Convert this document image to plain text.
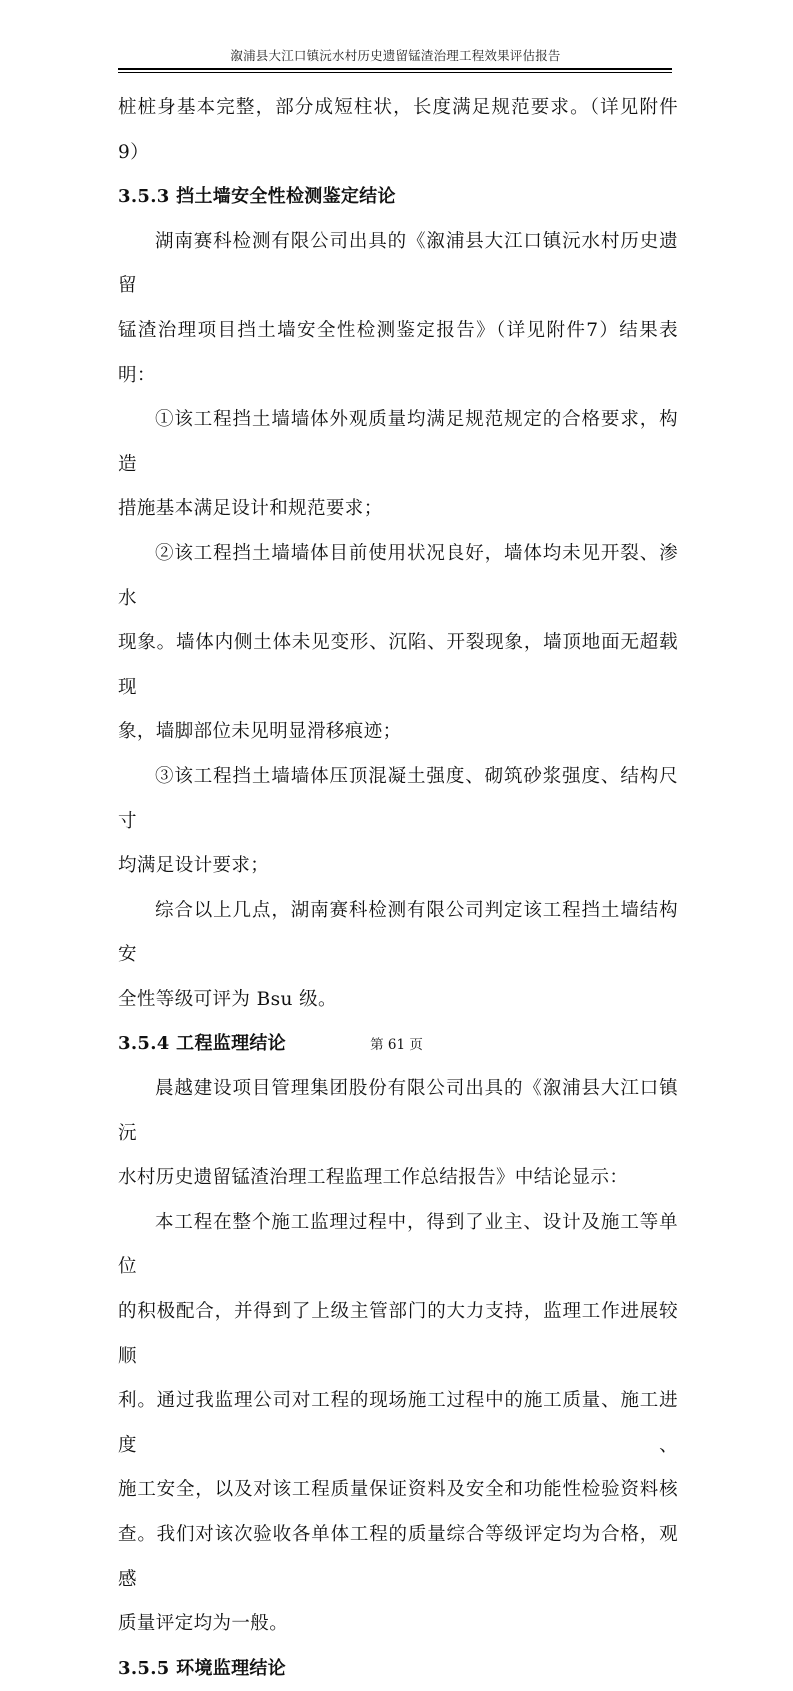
溆浦县大江口镇沅水村历史遗留锰渣治理工程效果评估报告
桩桩身基本完整，部分成短柱状，长度满足规范要求。（详见附件9）
3.5.3 挡土墙安全性检测鉴定结论
湖南赛科检测有限公司出具的《溆浦县大江口镇沅水村历史遗留
锰渣治理项目挡土墙安全性检测鉴定报告》（详见附件7）结果表明：
①该工程挡土墙墙体外观质量均满足规范规定的合格要求，构造
措施基本满足设计和规范要求；
②该工程挡土墙墙体目前使用状况良好，墙体均未见开裂、渗水
现象。墙体内侧土体未见变形、沉陷、开裂现象，墙顶地面无超载现
象，墙脚部位未见明显滑移痕迹；
③该工程挡土墙墙体压顶混凝土强度、砌筑砂浆强度、结构尺寸
均满足设计要求；
综合以上几点，湖南赛科检测有限公司判定该工程挡土墙结构安
全性等级可评为 Bsu 级。
3.5.4 工程监理结论
晨越建设项目管理集团股份有限公司出具的《溆浦县大江口镇沅
水村历史遗留锰渣治理工程监理工作总结报告》中结论显示：
本工程在整个施工监理过程中，得到了业主、设计及施工等单位
的积极配合，并得到了上级主管部门的大力支持，监理工作进展较顺
利。通过我监理公司对工程的现场施工过程中的施工质量、施工进度、
施工安全，以及对该工程质量保证资料及安全和功能性检验资料核
查。我们对该次验收各单体工程的质量综合等级评定均为合格，观感
质量评定均为一般。
3.5.5 环境监理结论
第 61 页
